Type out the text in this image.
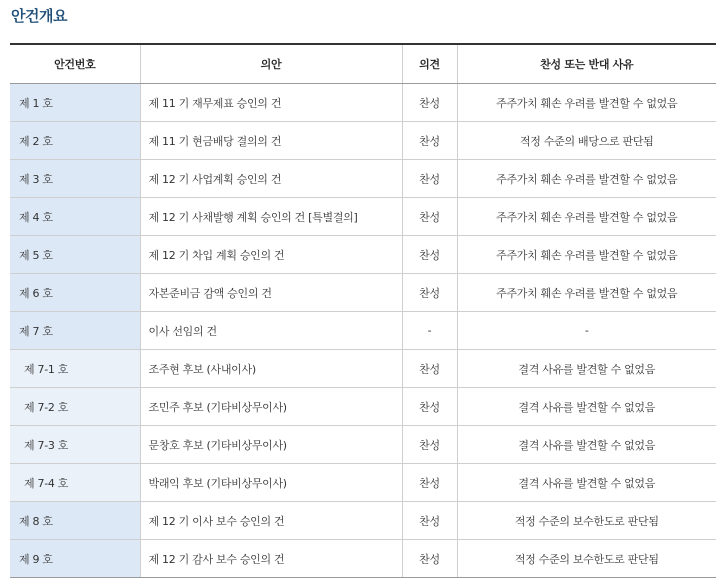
안건개요
안건번호	의안	의견	찬성 또는 반대 사유
제 1 호	제 11 기 재무제표 승인의 건	찬성	주주가치 훼손 우려를 발견할 수 없었음
제 2 호	제 11 기 현금배당 결의의 건	찬성	적정 수준의 배당으로 판단됨
제 3 호	제 12 기 사업계획 승인의 건	찬성	주주가치 훼손 우려를 발견할 수 없었음
제 4 호	제 12 기 사채발행 계획 승인의 건 [특별결의]	찬성	주주가치 훼손 우려를 발견할 수 없었음
제 5 호	제 12 기 차입 계획 승인의 건	찬성	주주가치 훼손 우려를 발견할 수 없었음
제 6 호	자본준비금 감액 승인의 건	찬성	주주가치 훼손 우려를 발견할 수 없었음
제 7 호	이사 선임의 건	-	-
제 7-1 호	조주현 후보 (사내이사)	찬성	결격 사유를 발견할 수 없었음
제 7-2 호	조민주 후보 (기타비상무이사)	찬성	결격 사유를 발견할 수 없었음
제 7-3 호	문창호 후보 (기타비상무이사)	찬성	결격 사유를 발견할 수 없었음
제 7-4 호	박래익 후보 (기타비상무이사)	찬성	결격 사유를 발견할 수 없었음
제 8 호	제 12 기 이사 보수 승인의 건	찬성	적정 수준의 보수한도로 판단됨
제 9 호	제 12 기 감사 보수 승인의 건	찬성	적정 수준의 보수한도로 판단됨
